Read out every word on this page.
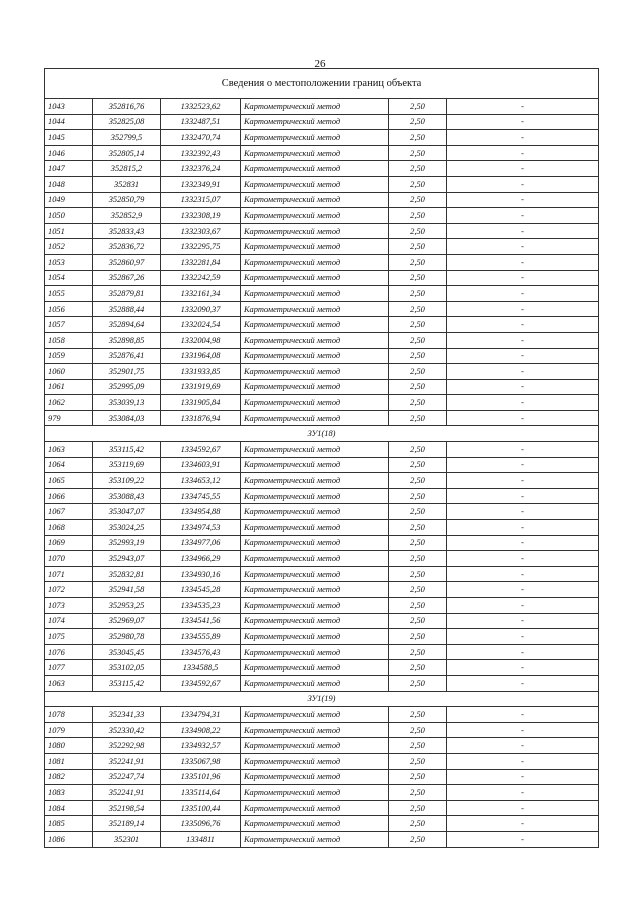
26
Сведения о местоположении границ объекта					
1043	352816,76	1332523,62	Картометрический метод	2,50	-
1044	352825,08	1332487,51	Картометрический метод	2,50	-
1045	352799,5	1332470,74	Картометрический метод	2,50	-
1046	352805,14	1332392,43	Картометрический метод	2,50	-
1047	352815,2	1332376,24	Картометрический метод	2,50	-
1048	352831	1332349,91	Картометрический метод	2,50	-
1049	352850,79	1332315,07	Картометрический метод	2,50	-
1050	352852,9	1332308,19	Картометрический метод	2,50	-
1051	352833,43	1332303,67	Картометрический метод	2,50	-
1052	352836,72	1332295,75	Картометрический метод	2,50	-
1053	352860,97	1332281,84	Картометрический метод	2,50	-
1054	352867,26	1332242,59	Картометрический метод	2,50	-
1055	352879,81	1332161,34	Картометрический метод	2,50	-
1056	352888,44	1332090,37	Картометрический метод	2,50	-
1057	352894,64	1332024,54	Картометрический метод	2,50	-
1058	352898,85	1332004,98	Картометрический метод	2,50	-
1059	352876,41	1331964,08	Картометрический метод	2,50	-
1060	352901,75	1331933,85	Картометрический метод	2,50	-
1061	352995,09	1331919,69	Картометрический метод	2,50	-
1062	353039,13	1331905,84	Картометрический метод	2,50	-
979	353084,03	1331876,94	Картометрический метод	2,50	-
ЗУ1(18)					
1063	353115,42	1334592,67	Картометрический метод	2,50	-
1064	353119,69	1334603,91	Картометрический метод	2,50	-
1065	353109,22	1334653,12	Картометрический метод	2,50	-
1066	353088,43	1334745,55	Картометрический метод	2,50	-
1067	353047,07	1334954,88	Картометрический метод	2,50	-
1068	353024,25	1334974,53	Картометрический метод	2,50	-
1069	352993,19	1334977,06	Картометрический метод	2,50	-
1070	352943,07	1334966,29	Картометрический метод	2,50	-
1071	352832,81	1334930,16	Картометрический метод	2,50	-
1072	352941,58	1334545,28	Картометрический метод	2,50	-
1073	352953,25	1334535,23	Картометрический метод	2,50	-
1074	352969,07	1334541,56	Картометрический метод	2,50	-
1075	352980,78	1334555,89	Картометрический метод	2,50	-
1076	353045,45	1334576,43	Картометрический метод	2,50	-
1077	353102,05	1334588,5	Картометрический метод	2,50	-
1063	353115,42	1334592,67	Картометрический метод	2,50	-
ЗУ1(19)					
1078	352341,33	1334794,31	Картометрический метод	2,50	-
1079	352330,42	1334908,22	Картометрический метод	2,50	-
1080	352292,98	1334932,57	Картометрический метод	2,50	-
1081	352241,91	1335067,98	Картометрический метод	2,50	-
1082	352247,74	1335101,96	Картометрический метод	2,50	-
1083	352241,91	1335114,64	Картометрический метод	2,50	-
1084	352198,54	1335100,44	Картометрический метод	2,50	-
1085	352189,14	1335096,76	Картометрический метод	2,50	-
1086	352301	1334811	Картометрический метод	2,50	-
